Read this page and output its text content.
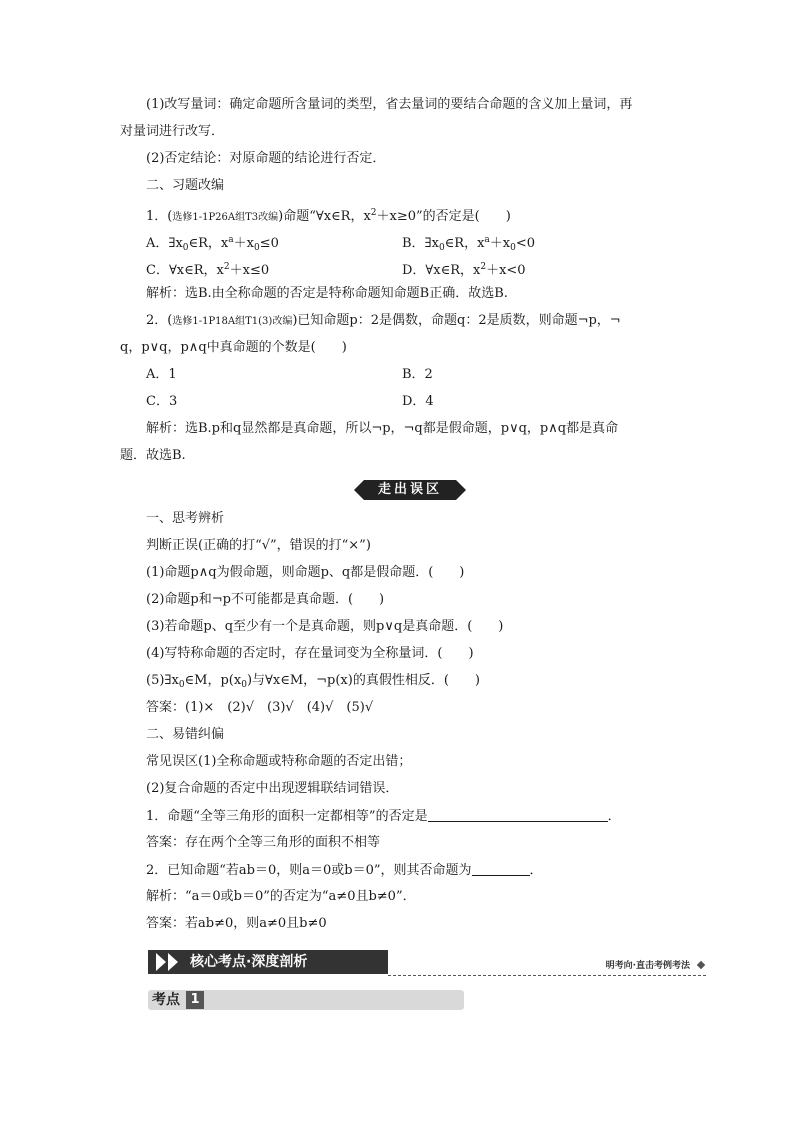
(1)改写量词：确定命题所含量词的类型，省去量词的要结合命题的含义加上量词，再
对量词进行改写．
(2)否定结论：对原命题的结论进行否定．
二、习题改编
1．(选修1-1P26A组T3改编)命题“∀x∈R，$x^2+x\ge 0$”的否定是(　　)
A．$\exists x_0\in R$，$x^a+x_0\le 0$	B．$\exists x_0\in R$，$x^a+x_0<0$
C．∀x∈R，$x^2+x\le 0$	D．∀x∈R，$x^2+x<0$
解析：选B.由全称命题的否定是特称命题知命题B正确．故选B.
2．(选修1-1P18A组T1(3)改编)已知命题p：2是偶数，命题q：2是质数，则命题¬p，¬
q，p∨q，p∧q中真命题的个数是(　　)
A．1	B．2
C．3	D．4
解析：选B.p和q显然都是真命题，所以¬p，¬q都是假命题，p∨q，p∧q都是真命
题．故选B.
走出误区
一、思考辨析
判断正误(正确的打“√”，错误的打“×”)
(1)命题p∧q为假命题，则命题p、q都是假命题．(　　)
(2)命题p和¬p不可能都是真命题．(　　)
(3)若命题p、q至少有一个是真命题，则p∨q是真命题．(　　)
(4)写特称命题的否定时，存在量词变为全称量词．(　　)
$(5)\exists x_0\in M$，$p(x_0)$与∀x∈M，¬p(x)的真假性相反．(　　)
答案：(1)×　(2)√　(3)√　(4)√　(5)√
二、易错纠偏
常见误区(1)全称命题或特称命题的否定出错；
(2)复合命题的否定中出现逻辑联结词错误．
1．命题“全等三角形的面积一定都相等”的否定是	．
答案：存在两个全等三角形的面积不相等
2．已知命题“若ab＝0，则a＝0或b＝0”，则其否命题为	．
解析：“a＝0或b＝0”的否定为“a≠0且b≠0”．
答案：若ab≠0，则a≠0且b≠0
核心考点·深度剖析	明考向·直击考例考法
考点 1
